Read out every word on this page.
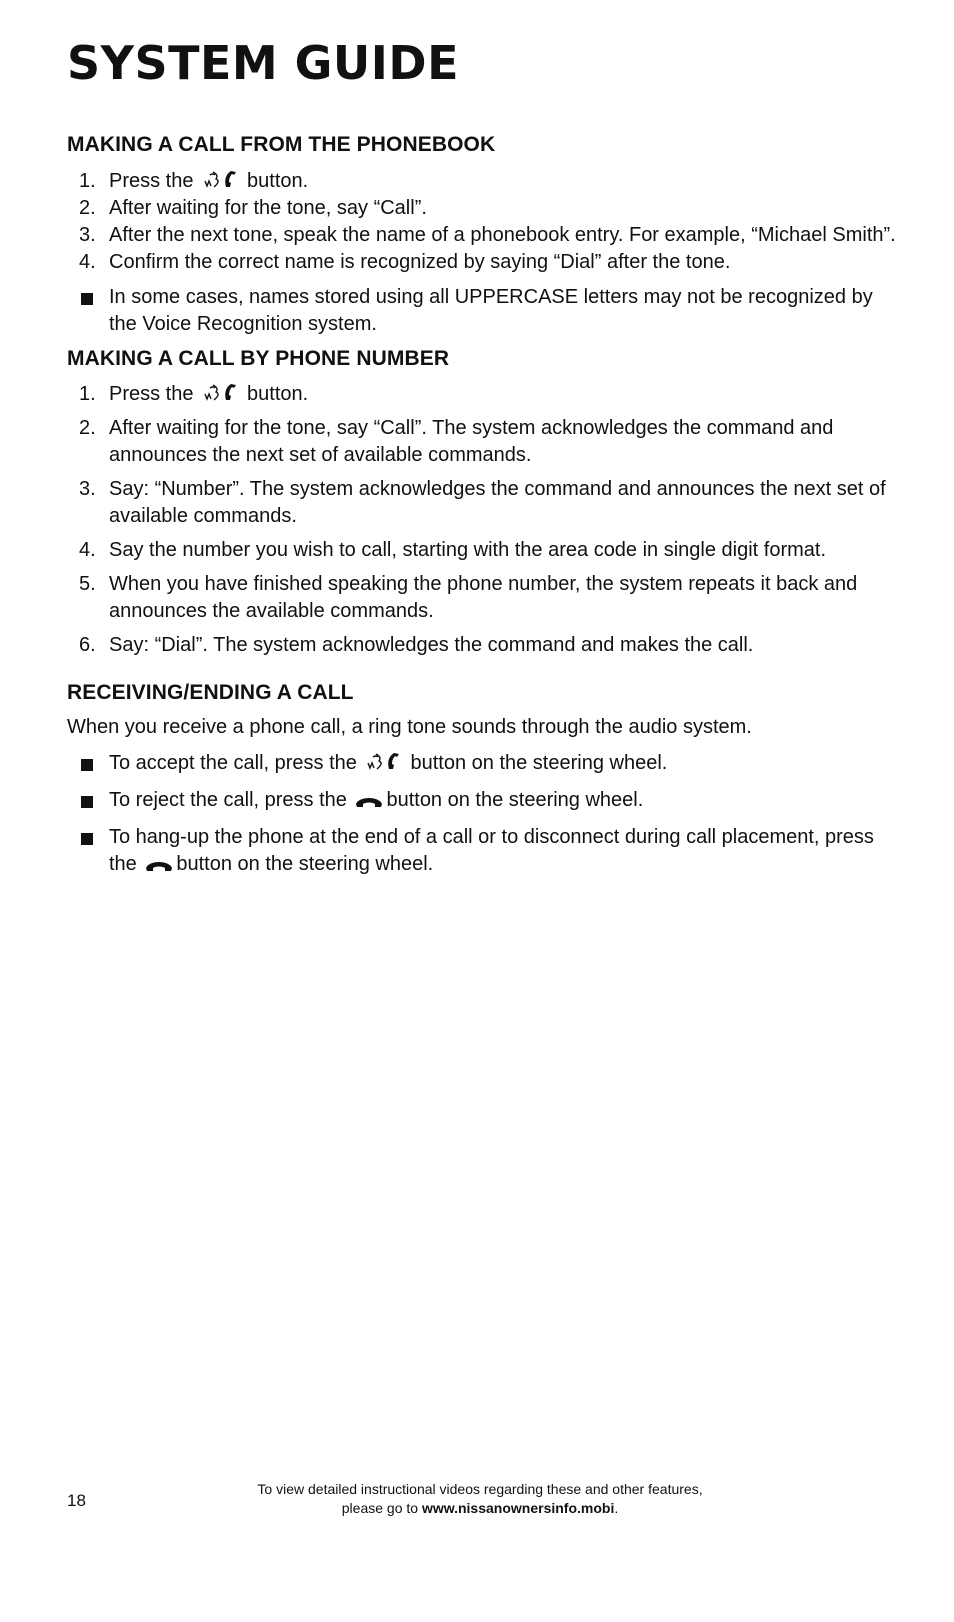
SYSTEM GUIDE
MAKING A CALL FROM THE PHONEBOOK
1. Press the	button.
2. After waiting for the tone, say “Call”.
3. After the next tone, speak the name of a phonebook entry. For example, “Michael Smith”.
4. Confirm the correct name is recognized by saying “Dial” after the tone.
In some cases, names stored using all UPPERCASE letters may not be recognized by the Voice Recognition system.
MAKING A CALL BY PHONE NUMBER
1. Press the	button.
2. After waiting for the tone, say “Call”. The system acknowledges the command and announces the next set of available commands.
3. Say: “Number”. The system acknowledges the command and announces the next set of available commands.
4. Say the number you wish to call, starting with the area code in single digit format.
5. When you have finished speaking the phone number, the system repeats it back and announces the available commands.
6. Say: “Dial”. The system acknowledges the command and makes the call.
RECEIVING/ENDING A CALL

When you receive a phone call, a ring tone sounds through the audio system.

To accept the call, press the	button on the steering wheel.
To reject the call, press the button on the steering wheel.
To hang-up the phone at the end of a call or to disconnect during call placement, press the button on the steering wheel.
18
To view detailed instructional videos regarding these and other features,
please go to www.nissanownersinfo.mobi.
